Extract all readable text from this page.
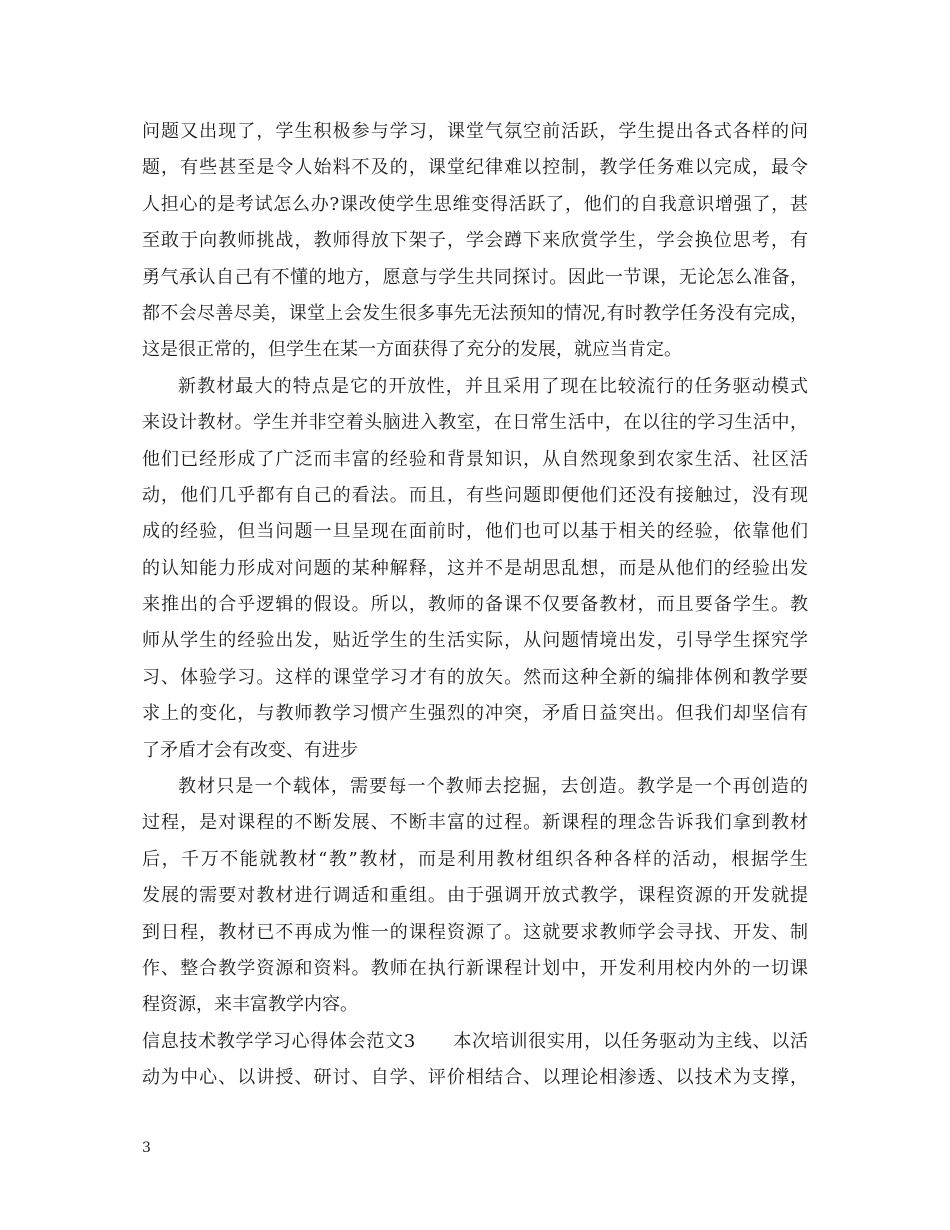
问题又出现了，学生积极参与学习，课堂气氛空前活跃，学生提出各式各样的问
题，有些甚至是令人始料不及的，课堂纪律难以控制，教学任务难以完成，最令
人担心的是考试怎么办?课改使学生思维变得活跃了，他们的自我意识增强了，甚
至敢于向教师挑战，教师得放下架子，学会蹲下来欣赏学生，学会换位思考，有
勇气承认自己有不懂的地方，愿意与学生共同探讨。因此一节课，无论怎么准备，
都不会尽善尽美，课堂上会发生很多事先无法预知的情况,有时教学任务没有完成，
这是很正常的，但学生在某一方面获得了充分的发展，就应当肯定。
新教材最大的特点是它的开放性，并且采用了现在比较流行的任务驱动模式
来设计教材。学生并非空着头脑进入教室，在日常生活中，在以往的学习生活中，
他们已经形成了广泛而丰富的经验和背景知识，从自然现象到农家生活、社区活
动，他们几乎都有自己的看法。而且，有些问题即便他们还没有接触过，没有现
成的经验，但当问题一旦呈现在面前时，他们也可以基于相关的经验，依靠他们
的认知能力形成对问题的某种解释，这并不是胡思乱想，而是从他们的经验出发
来推出的合乎逻辑的假设。所以，教师的备课不仅要备教材，而且要备学生。教
师从学生的经验出发，贴近学生的生活实际，从问题情境出发，引导学生探究学
习、体验学习。这样的课堂学习才有的放矢。然而这种全新的编排体例和教学要
求上的变化，与教师教学习惯产生强烈的冲突，矛盾日益突出。但我们却坚信有
了矛盾才会有改变、有进步
教材只是一个载体，需要每一个教师去挖掘，去创造。教学是一个再创造的
过程，是对课程的不断发展、不断丰富的过程。新课程的理念告诉我们拿到教材
后，千万不能就教材“教”教材，而是利用教材组织各种各样的活动，根据学生
发展的需要对教材进行调适和重组。由于强调开放式教学，课程资源的开发就提
到日程，教材已不再成为惟一的课程资源了。这就要求教师学会寻找、开发、制
作、整合教学资源和资料。教师在执行新课程计划中，开发利用校内外的一切课
程资源，来丰富教学内容。
信息技术教学学习心得体会范文3　　本次培训很实用，以任务驱动为主线、以活
动为中心、以讲授、研讨、自学、评价相结合、以理论相渗透、以技术为支撑，
3
